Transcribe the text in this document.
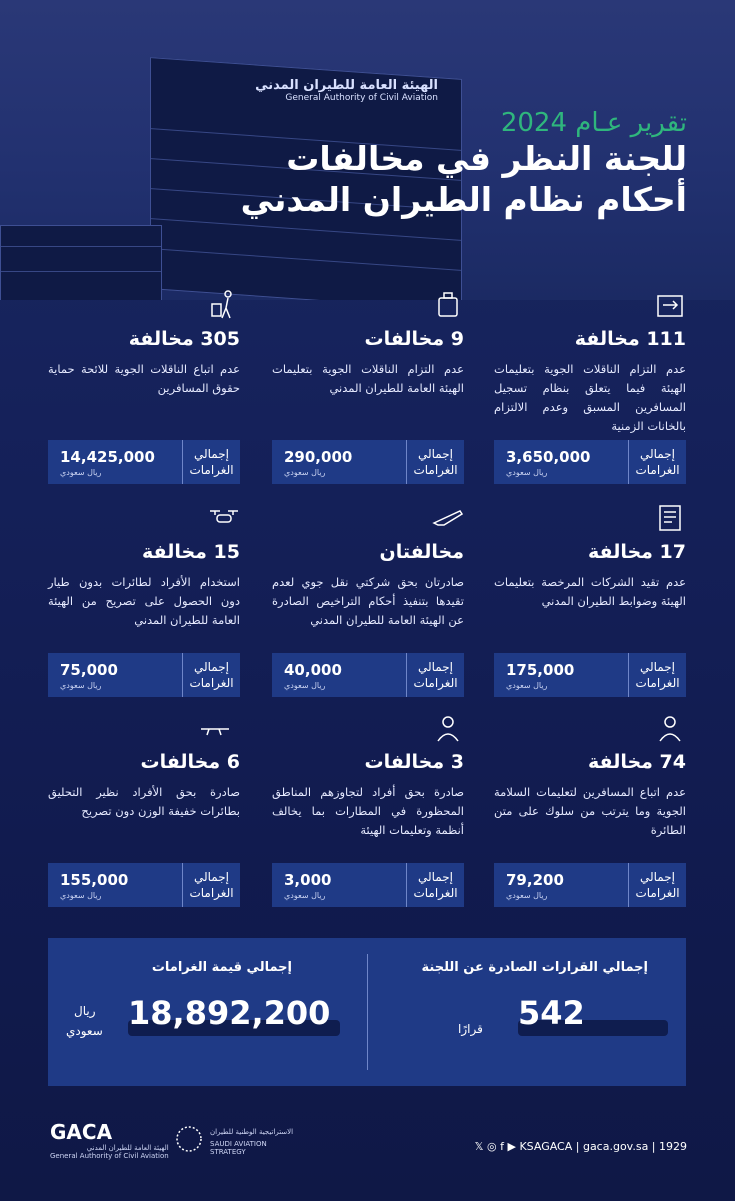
الهيئة العامة للطيران المدني
General Authority of Civil Aviation
تقرير عـام 2024
للجنة النظر في مخالفات
أحكام نظام الطيران المدني
111 مخالفة
عدم التزام الناقلات الجوية بتعليمات الهيئة فيما يتعلق بنظام تسجيل المسافرين المسبق وعدم الالتزام بالخانات الزمنية
إجمالي الغرامات
3,650,000
ريال سعودي
9 مخالفات
عدم التزام الناقلات الجوية بتعليمات الهيئة العامة للطيران المدني
إجمالي الغرامات
290,000
ريال سعودي
305 مخالفة
عدم اتباع الناقلات الجوية للائحة حماية حقوق المسافرين
إجمالي الغرامات
14,425,000
ريال سعودي
17 مخالفة
عدم تقيد الشركات المرخصة بتعليمات الهيئة وضوابط الطيران المدني
إجمالي الغرامات
175,000
ريال سعودي
مخالفتان
صادرتان بحق شركتي نقل جوي لعدم تقيدها بتنفيذ أحكام التراخيص الصادرة عن الهيئة العامة للطيران المدني
إجمالي الغرامات
40,000
ريال سعودي
15 مخالفة
استخدام الأفراد لطائرات بدون طيار دون الحصول على تصريح من الهيئة العامة للطيران المدني
إجمالي الغرامات
75,000
ريال سعودي
74 مخالفة
عدم اتباع المسافرين لتعليمات السلامة الجوية وما يترتب من سلوك على متن الطائرة
إجمالي الغرامات
79,200
ريال سعودي
3 مخالفات
صادرة بحق أفراد لتجاوزهم المناطق المحظورة في المطارات بما يخالف أنظمة وتعليمات الهيئة
إجمالي الغرامات
3,000
ريال سعودي
6 مخالفات
صادرة بحق الأفراد نظير التحليق بطائرات خفيفة الوزن دون تصريح
إجمالي الغرامات
155,000
ريال سعودي
إجمالي القرارات الصادرة عن اللجنة
542
قرارًا
إجمالي قيمة الغرامات
18,892,200
ريال
سعودي
GACA
الهيئة العامة للطيران المدني
General Authority of Civil Aviation
الاستراتيجية الوطنية للطيران
SAUDI AVIATION STRATEGY	𝕏 ◎ f ▶ KSAGACA | gaca.gov.sa | 1929
